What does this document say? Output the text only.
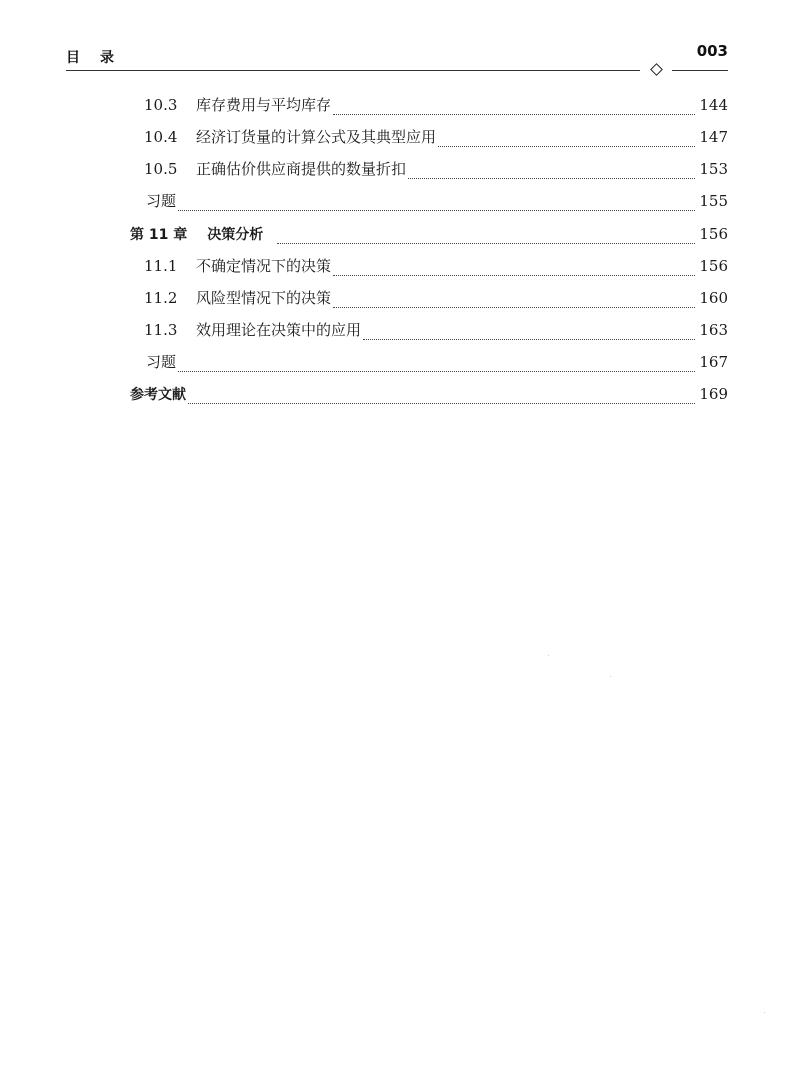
目录	003
10.3	库存费用与平均库存	144
10.4	经济订货量的计算公式及其典型应用	147
10.5	正确估价供应商提供的数量折扣	153
习题	155
第 11 章 决策分析	156
11.1	不确定情况下的决策	156
11.2	风险型情况下的决策	160
11.3	效用理论在决策中的应用	163
习题	167
参考文献	169
